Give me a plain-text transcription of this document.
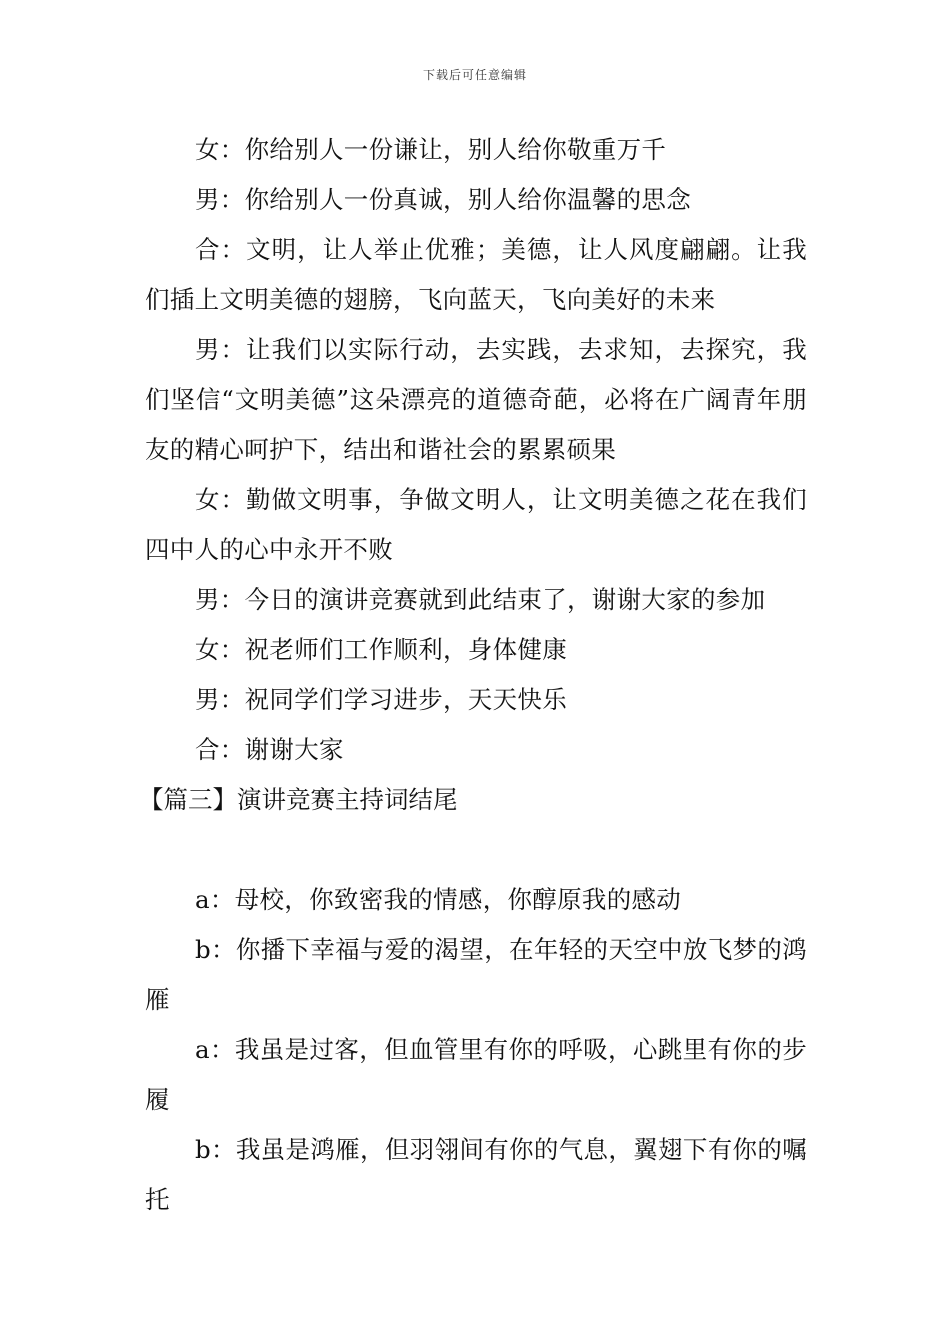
下载后可任意编辑

女：你给别人一份谦让，别人给你敬重万千

男：你给别人一份真诚，别人给你温馨的思念

合：文明，让人举止优雅；美德，让人风度翩翩。让我们插上文明美德的翅膀，飞向蓝天，飞向美好的未来

男：让我们以实际行动，去实践，去求知，去探究，我们坚信“文明美德”这朵漂亮的道德奇葩，必将在广阔青年朋友的精心呵护下，结出和谐社会的累累硕果

女：勤做文明事，争做文明人，让文明美德之花在我们四中人的心中永开不败

男：今日的演讲竞赛就到此结束了，谢谢大家的参加

女：祝老师们工作顺利，身体健康

男：祝同学们学习进步，天天快乐

合：谢谢大家

【篇三】演讲竞赛主持词结尾

a：母校，你致密我的情感，你醇原我的感动

b：你播下幸福与爱的渴望，在年轻的天空中放飞梦的鸿雁

a：我虽是过客，但血管里有你的呼吸，心跳里有你的步履

b：我虽是鸿雁，但羽翎间有你的气息，翼翅下有你的嘱托
